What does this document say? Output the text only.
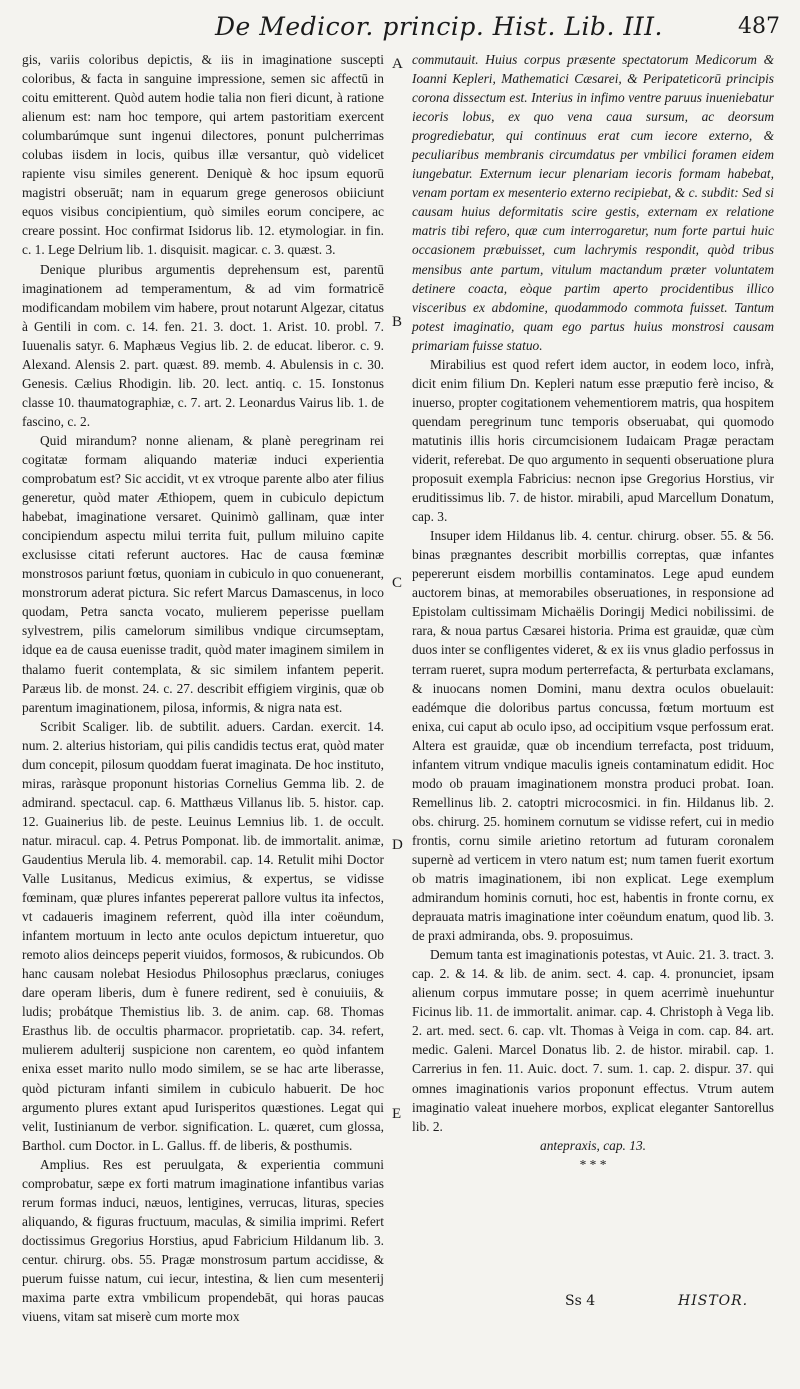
De Medicor. princip. Hist. Lib. III.	487

gis, variis coloribus depictis, & iis in imaginatione suscepti coloribus, & facta in sanguine impressione, semen sic affectū in coitu emitterent. Quòd autem hodie talia non fieri dicunt, à ratione alienum est: nam hoc tempore, qui artem pastoritiam exercent columbarúmque sunt ingenui dilectores, ponunt pulcherrimas colubas iisdem in locis, quibus illæ versantur, quò videlicet rapiente visu similes generent. Deniquè & hoc ipsum equorū magistri obseruāt; nam in equarum grege generosos obiiciunt equos visibus concipientium, quò similes eorum concipere, ac creare possint. Hoc confirmat Isidorus lib. 12. etymologiar. in fin. c. 1. Lege Delrium lib. 1. disquisit. magicar. c. 3. quæst. 3.

Denique pluribus argumentis deprehensum est, parentū imaginationem ad temperamentum, & ad vim formatricē modificandam mobilem vim habere, prout notarunt Algezar, citatus à Gentili in com. c. 14. fen. 21. 3. doct. 1. Arist. 10. probl. 7. Iuuenalis satyr. 6. Maphæus Vegius lib. 2. de educat. liberor. c. 9. Alexand. Alensis 2. part. quæst. 89. memb. 4. Abulensis in c. 30. Genesis. Cælius Rhodigin. lib. 20. lect. antiq. c. 15. Ionstonus classe 10. thaumatographiæ, c. 7. art. 2. Leonardus Vairus lib. 1. de fascino, c. 2.

Quid mirandum? nonne alienam, & planè peregrinam rei cogitatæ formam aliquando materiæ induci experientia comprobatum est? Sic accidit, vt ex vtroque parente albo ater filius generetur, quòd mater Æthiopem, quem in cubiculo depictum habebat, imaginatione versaret. Quinimò gallinam, quæ inter concipiendum aspectu milui territa fuit, pullum miluino capite exclusisse citati referunt auctores. Hac de causa fœminæ monstrosos pariunt fœtus, quoniam in cubiculo in quo conuenerant, monstrorum aderat pictura. Sic refert Marcus Damascenus, in loco quodam, Petra sancta vocato, mulierem peperisse puellam sylvestrem, pilis camelorum similibus vndique circumseptam, idque ea de causa euenisse tradit, quòd mater imaginem similem in thalamo fuerit contemplata, & sic similem infantem peperit. Paræus lib. de monst. 24. c. 27. describit effigiem virginis, quæ ob parentum imaginationem, pilosa, informis, & nigra nata est.

Scribit Scaliger. lib. de subtilit. aduers. Cardan. exercit. 14. num. 2. alterius historiam, qui pilis candidis tectus erat, quòd mater dum concepit, pilosum quoddam fuerat imaginata. De hoc instituto, miras, raràsque proponunt historias Cornelius Gemma lib. 2. de admirand. spectacul. cap. 6. Matthæus Villanus lib. 5. histor. cap. 12. Guainerius lib. de peste. Leuinus Lemnius lib. 1. de occult. natur. miracul. cap. 4. Petrus Pomponat. lib. de immortalit. animæ, Gaudentius Merula lib. 4. memorabil. cap. 14. Retulit mihi Doctor Valle Lusitanus, Medicus eximius, & expertus, se vidisse fœminam, quæ plures infantes pepererat pallore vultus ita infectos, vt cadaueris imaginem referrent, quòd illa inter coëundum, infantem mortuum in lecto ante oculos depictum intueretur, quo remoto alios deinceps peperit viuidos, formosos, & rubicundos. Ob hanc causam nolebat Hesiodus Philosophus præclarus, coniuges dare operam liberis, dum è funere redirent, sed è conuiuiis, & ludis; probátque Themistius lib. 3. de anim. cap. 68. Thomas Erasthus lib. de occultis pharmacor. proprietatib. cap. 34. refert, mulierem adulterij suspicione non carentem, eo quòd infantem enixa esset marito nullo modo similem, se se hac arte liberasse, quòd picturam infanti similem in cubiculo habuerit. De hoc argumento plures extant apud Iurisperitos quæstiones. Legat qui velit, Iustinianum de verbor. signification. L. quæret, cum glossa, Barthol. cum Doctor. in L. Gallus. ff. de liberis, & posthumis.

Amplius. Res est peruulgata, & experientia communi comprobatur, sæpe ex forti matrum imaginatione infantibus varias rerum formas induci, næuos, lentigines, verrucas, lituras, species aliquando, & figuras fructuum, maculas, & similia imprimi. Refert doctissimus Gregorius Horstius, apud Fabricium Hildanum lib. 3. centur. chirurg. obs. 55. Pragæ monstrosum partum accidisse, & puerum fuisse natum, cui iecur, intestina, & lien cum mesenterij maxima parte extra vmbilicum propendebāt, qui horas paucas viuens, vitam sat miserè cum morte mox

A
B
C
D
E

commutauit. Huius corpus præsente spectatorum Medicorum & Ioanni Kepleri, Mathematici Cæsarei, & Peripateticorū principis corona dissectum est. Interius in infimo ventre paruus inueniebatur iecoris lobus, ex quo vena caua sursum, ac deorsum progrediebatur, qui continuus erat cum iecore externo, & peculiaribus membranis circumdatus per vmbilici foramen eidem iungebatur. Externum iecur plenariam iecoris formam habebat, venam portam ex mesenterio externo recipiebat, & c. subdit: Sed si causam huius deformitatis scire gestis, externam ex relatione matris tibi refero, quæ cum interrogaretur, num forte partui huic occasionem præbuisset, cum lachrymis respondit, quòd tribus mensibus ante partum, vitulum mactandum præter voluntatem detinere coacta, eòque partim aperto procidentibus illico visceribus ex abdomine, quodammodo commota fuisset. Tantum potest imaginatio, quam ego partus huius monstrosi causam primariam fuisse statuo.

Mirabilius est quod refert idem auctor, in eodem loco, infrà, dicit enim filium Dn. Kepleri natum esse præputio ferè inciso, & inuerso, propter cogitationem vehementiorem matris, qua hospitem quendam peregrinum tunc temporis obseruabat, qui quomodo matutinis illis horis circumcisionem Iudaicam Pragæ peractam viderit, referebat. De quo argumento in sequenti obseruatione plura proposuit exempla Fabricius: necnon ipse Gregorius Horstius, vir eruditissimus lib. 7. de histor. mirabili, apud Marcellum Donatum, cap. 3.

Insuper idem Hildanus lib. 4. centur. chirurg. obser. 55. & 56. binas prægnantes describit morbillis correptas, quæ infantes pepererunt eisdem morbillis contaminatos. Lege apud eundem auctorem binas, at memorabiles obseruationes, in responsione ad Epistolam cultissimam Michaëlis Doringij Medici nobilissimi. de rara, & noua partus Cæsarei historia. Prima est grauidæ, quæ cùm duos inter se confligentes videret, & ex iis vnus gladio perfossus in terram rueret, supra modum perterrefacta, & perturbata exclamans, & inuocans nomen Domini, manu dextra oculos obuelauit: eadémque die doloribus partus concussa, fœtum mortuum est enixa, cui caput ab oculo ipso, ad occipitium vsque perfossum erat. Altera est grauidæ, quæ ob incendium terrefacta, post triduum, infantem vitrum vndique maculis igneis contaminatum edidit. Hoc modo ob prauam imaginationem monstra produci probat. Ioan. Remellinus lib. 2. catoptri microcosmici. in fin. Hildanus lib. 2. obs. chirurg. 25. hominem cornutum se vidisse refert, cui in medio frontis, cornu simile arietino retortum ad futuram coronalem supernè ad verticem in vtero natum est; num tamen fuerit exortum ob matris imaginationem, ibi non explicat. Lege exemplum admirandum hominis cornuti, hoc est, habentis in fronte cornu, ex deprauata matris imaginatione inter coëundum enatum, quod lib. 3. de praxi admiranda, obs. 9. proposuimus.

Demum tanta est imaginationis potestas, vt Auic. 21. 3. tract. 3. cap. 2. & 14. & lib. de anim. sect. 4. cap. 4. pronunciet, ipsam alienum corpus immutare posse; in quem acerrimè inuehuntur Ficinus lib. 11. de immortalit. animar. cap. 4. Christoph à Vega lib. 2. art. med. sect. 6. cap. vlt. Thomas à Veiga in com. cap. 84. art. medic. Galeni. Marcel Donatus lib. 2. de histor. mirabil. cap. 1. Carrerius in fen. 11. Auic. doct. 7. sum. 1. cap. 2. dispur. 37. qui omnes imaginationis varios proponunt effectus. Vtrum autem imaginatio valeat inuehere morbos, explicat eleganter Santorellus lib. 2.

antepraxis, cap. 13.

* * *

Ss 4	HISTOR.
